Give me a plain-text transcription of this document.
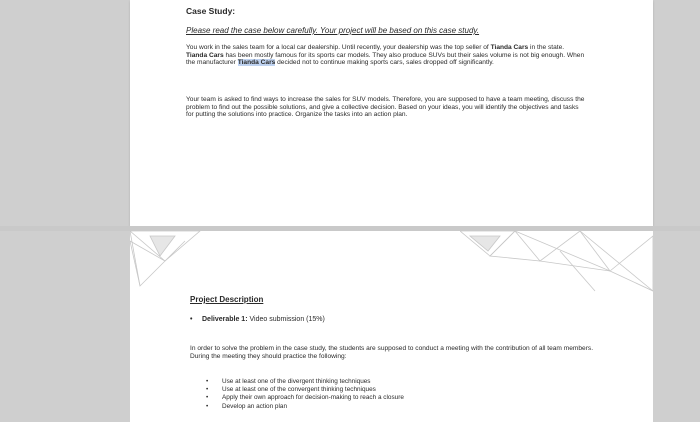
Case Study:
Please read the case below carefully. Your project will be based on this case study.
You work in the sales team for a local car dealership. Until recently, your dealership was the top seller of Tianda Cars in the state. Tianda Cars has been mostly famous for its sports car models. They also produce SUVs but their sales volume is not big enough. When the manufacturer Tianda Cars decided not to continue making sports cars, sales dropped off significantly.
Your team is asked to find ways to increase the sales for SUV models. Therefore, you are supposed to have a team meeting, discuss the problem to find out the possible solutions, and give a collective decision. Based on your ideas, you will identify the objectives and tasks for putting the solutions into practice. Organize the tasks into an action plan.
Project Description
• Deliverable 1: Video submission (15%)
In order to solve the problem in the case study, the students are supposed to conduct a meeting with the contribution of all team members. During the meeting they should practice the following:
• Use at least one of the divergent thinking techniques
• Use at least one of the convergent thinking techniques
• Apply their own approach for decision-making to reach a closure
• Develop an action plan
